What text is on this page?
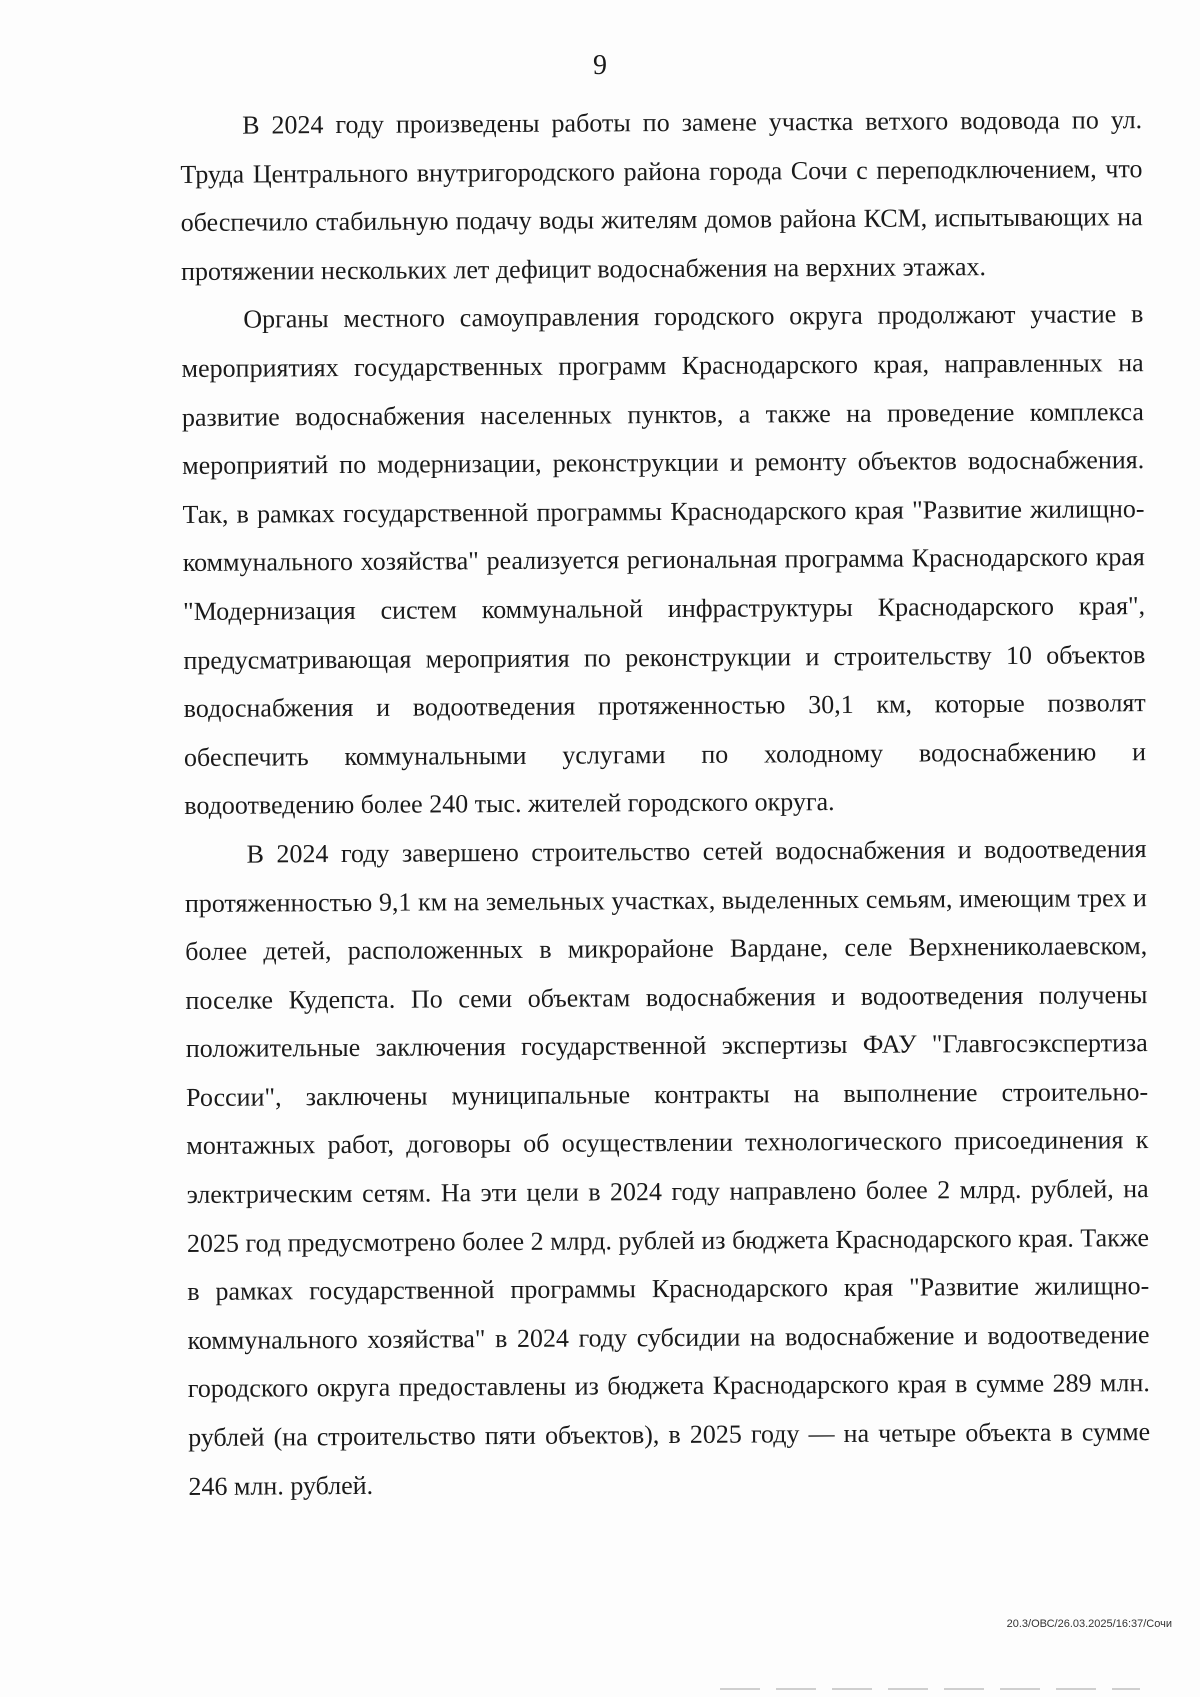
9

В 2024 году произведены работы по замене участка ветхого водовода по ул. Труда Центрального внутригородского района города Сочи с переподключением, что обеспечило стабильную подачу воды жителям домов района КСМ, испытывающих на протяжении нескольких лет дефицит водоснабжения на верхних этажах.

Органы местного самоуправления городского округа продолжают участие в мероприятиях государственных программ Краснодарского края, направленных на развитие водоснабжения населенных пунктов, а также на проведение комплекса мероприятий по модернизации, реконструкции и ремонту объектов водоснабжения. Так, в рамках государственной программы Краснодарского края "Развитие жилищно-коммунального хозяйства" реализуется региональная программа Краснодарского края "Модернизация систем коммунальной инфраструктуры Краснодарского края", предусматривающая мероприятия по реконструкции и строительству 10 объектов водоснабжения и водоотведения протяженностью 30,1 км, которые позволят обеспечить коммунальными услугами по холодному водоснабжению и водоотведению более 240 тыс. жителей городского округа.

В 2024 году завершено строительство сетей водоснабжения и водоотведения протяженностью 9,1 км на земельных участках, выделенных семьям, имеющим трех и более детей, расположенных в микрорайоне Вардане, селе Верхнениколаевском, поселке Кудепста. По семи объектам водоснабжения и водоотведения получены положительные заключения государственной экспертизы ФАУ "Главгосэкспертиза России", заключены муниципальные контракты на выполнение строительно-монтажных работ, договоры об осуществлении технологического присоединения к электрическим сетям. На эти цели в 2024 году направлено более 2 млрд. рублей, на 2025 год предусмотрено более 2 млрд. рублей из бюджета Краснодарского края. Также в рамках государственной программы Краснодарского края "Развитие жилищно-коммунального хозяйства" в 2024 году субсидии на водоснабжение и водоотведение городского округа предоставлены из бюджета Краснодарского края в сумме 289 млн. рублей (на строительство пяти объектов), в 2025 году — на четыре объекта в сумме 246 млн. рублей.

20.3/ОВС/26.03.2025/16:37/Сочи
